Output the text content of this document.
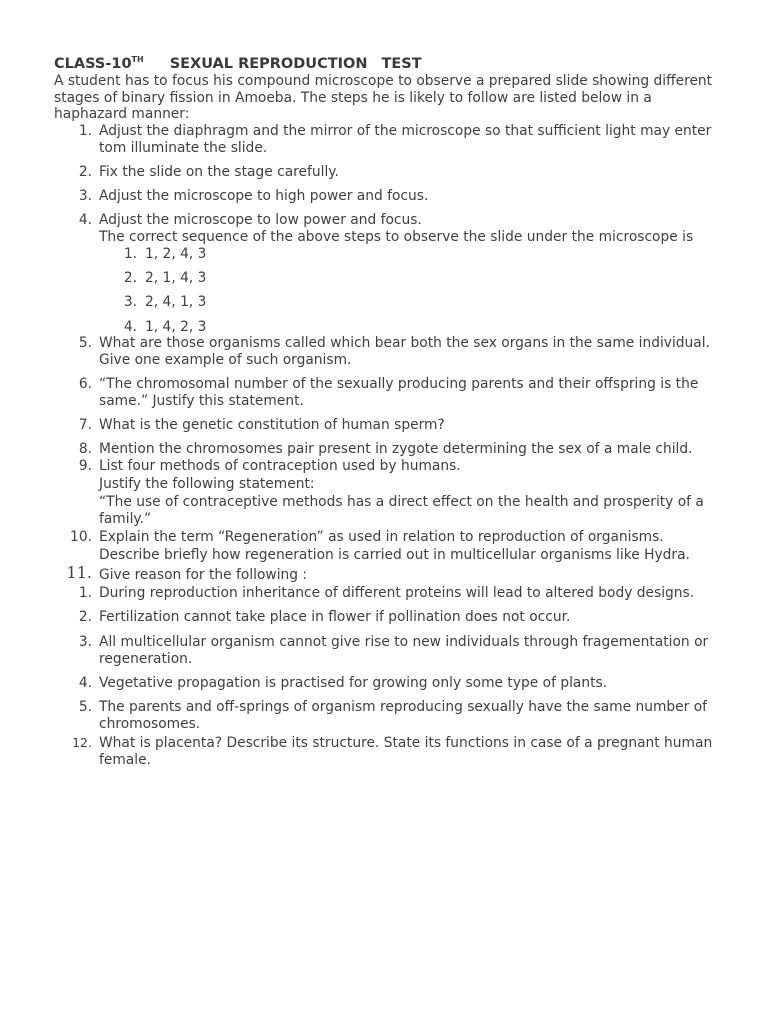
CLASS-10TH SEXUAL REPRODUCTION TEST
A student has to focus his compound microscope to observe a prepared slide showing different stages of binary fission in Amoeba. The steps he is likely to follow are listed below in a haphazard manner:
1. Adjust the diaphragm and the mirror of the microscope so that sufficient light may enter tom illuminate the slide.
2. Fix the slide on the stage carefully.
3. Adjust the microscope to high power and focus.
4. Adjust the microscope to low power and focus.
The correct sequence of the above steps to observe the slide under the microscope is
1. 1, 2, 4, 3
2. 2, 1, 4, 3
3. 2, 4, 1, 3
4. 1, 4, 2, 3
5. What are those organisms called which bear both the sex organs in the same individual. Give one example of such organism.
6. “The chromosomal number of the sexually producing parents and their offspring is the same.” Justify this statement.
7. What is the genetic constitution of human sperm?
8. Mention the chromosomes pair present in zygote determining the sex of a male child.
9. List four methods of contraception used by humans.
Justify the following statement:
“The use of contraceptive methods has a direct effect on the health and prosperity of a family.”
10. Explain the term “Regeneration” as used in relation to reproduction of organisms.
Describe briefly how regeneration is carried out in multicellular organisms like Hydra.
11. Give reason for the following :
1. During reproduction inheritance of different proteins will lead to altered body designs.
2. Fertilization cannot take place in flower if pollination does not occur.
3. All multicellular organism cannot give rise to new individuals through fragementation or regeneration.
4. Vegetative propagation is practised for growing only some type of plants.
5. The parents and off-springs of organism reproducing sexually have the same number of chromosomes.
12. What is placenta? Describe its structure. State its functions in case of a pregnant human female.
